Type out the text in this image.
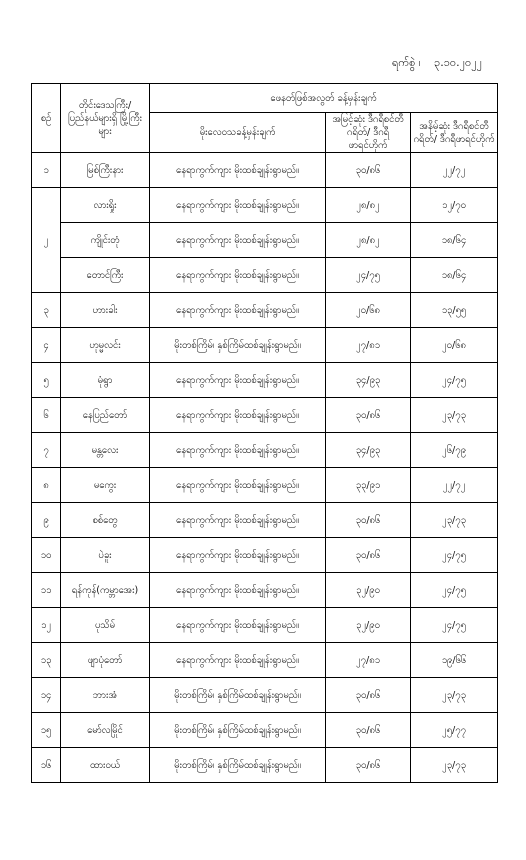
ရက်စွဲ ၊ ၃.၁၀.၂၀၂၂
စဉ်	တိုင်းဒေသကြီး/ ပြည်နယ်များရှိ မြို့ကြီးများ	ဖေနတ်ဖြစ်အလွတ် ခန့်မှန်းချက်		
		မိုးလေဝသခန့်မှန်းချက်	အမြင့်ဆုံး ဒီဂရီစင်တီဂရိတ်/ ဒီဂရီဖာရင်ဟိုက်	အနိမ့်ဆုံး ဒီဂရီစင်တီဂရိတ်/ ဒီဂရီဖာရင်ဟိုက်
၁	မြစ်ကြီးနား	နေရာကွက်ကျား မိုးထစ်ချုန်းရွာမည်။	၃၀/၈၆	၂၂/၇၂
၂	လားရှိုး	နေရာကွက်ကျား မိုးထစ်ချုန်းရွာမည်။	၂၈/၈၂	၁၂/၇၀
	ကျိုင်းတုံ	နေရာကွက်ကျား မိုးထစ်ချုန်းရွာမည်။	၂၈/၈၂	၁၈/၆၄
	တောင်ကြီး	နေရာကွက်ကျား မိုးထစ်ချုန်းရွာမည်။	၂၄/၇၅	၁၈/၆၄
၃	ဟားခါး	နေရာကွက်ကျား မိုးထစ်ချုန်းရွာမည်။	၂၀/၆၈	၁၃/၅၅
၄	ဟုမ္မလင်း	မိုးတစ်ကြိမ်၊ နှစ်ကြိမ်ထစ်ချုန်းရွာမည်။	၂၇/၈၁	၂၀/၆၈
၅	မုံရွာ	နေရာကွက်ကျား မိုးထစ်ချုန်းရွာမည်။	၃၄/၉၃	၂၄/၇၅
၆	နေပြည်တော်	နေရာကွက်ကျား မိုးထစ်ချုန်းရွာမည်။	၃၀/၈၆	၂၃/၇၃
၇	မန္တလေး	နေရာကွက်ကျား မိုးထစ်ချုန်းရွာမည်။	၃၄/၉၃	၂၆/၇၉
၈	မကွေး	နေရာကွက်ကျား မိုးထစ်ချုန်းရွာမည်။	၃၃/၉၁	၂၂/၇၂
၉	စစ်တွေ	နေရာကွက်ကျား မိုးထစ်ချုန်းရွာမည်။	၃၀/၈၆	၂၃/၇၃
၁၀	ပဲခူး	နေရာကွက်ကျား မိုးထစ်ချုန်းရွာမည်။	၃၀/၈၆	၂၄/၇၅
၁၁	ရန်ကုန်(ကမ္ဘာအေး)	နေရာကွက်ကျား မိုးထစ်ချုန်းရွာမည်။	၃၂/၉၀	၂၄/၇၅
၁၂	ပုသိမ်	နေရာကွက်ကျား မိုးထစ်ချုန်းရွာမည်။	၃၂/၉၀	၂၄/၇၅
၁၃	ဖျာပုံတော်	နေရာကွက်ကျား မိုးထစ်ချုန်းရွာမည်။	၂၇/၈၁	၁၉/၆၆
၁၄	ဘားအံ	မိုးတစ်ကြိမ်၊ နှစ်ကြိမ်ထစ်ချုန်းရွာမည်။	၃၀/၈၆	၂၃/၇၃
၁၅	မော်လမြိုင်	မိုးတစ်ကြိမ်၊ နှစ်ကြိမ်ထစ်ချုန်းရွာမည်။	၃၀/၈၆	၂၅/၇၇
၁၆	ထားဝယ်	မိုးတစ်ကြိမ်၊ နှစ်ကြိမ်ထစ်ချုန်းရွာမည်။	၃၀/၈၆	၂၃/၇၃
